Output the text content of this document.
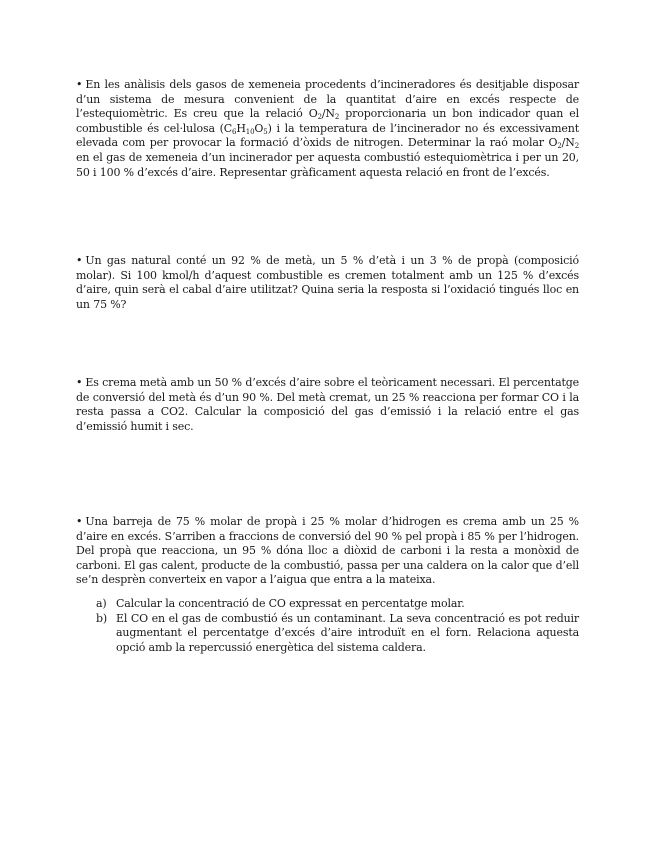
• En les anàlisis dels gasos de xemeneia procedents d’incineradores és desitjable disposar d’un sistema de mesura convenient de la quantitat d’aire en excés respecte de l’estequiomètric. Es creu que la relació $O_2/N_2$ proporcionaria un bon indicador quan el combustible és cel·lulosa $(C_6H_{10}O_5)$ i la temperatura de l’incinerador no és excessivament elevada com per provocar la formació d’òxids de nitrogen. Determinar la raó molar $O_2/N_2$ en el gas de xemeneia d’un incinerador per aquesta combustió estequiomètrica i per un 20, 50 i 100 % d’excés d’aire. Representar gràficament aquesta relació en front de l’excés.
• Un gas natural conté un 92 % de metà, un 5 % d’età i un 3 % de propà (composició molar). Si 100 kmol/h d’aquest combustible es cremen totalment amb un 125 % d’excés d’aire, quin serà el cabal d’aire utilitzat? Quina seria la resposta si l’oxidació tingués lloc en un 75 %?
• Es crema metà amb un 50 % d’excés d’aire sobre el teòricament necessari. El percentatge de conversió del metà és d’un 90 %. Del metà cremat, un 25 % reacciona per formar CO i la resta passa a CO2. Calcular la composició del gas d’emissió i la relació entre el gas d’emissió humit i sec.
• Una barreja de 75 % molar de propà i 25 % molar d’hidrogen es crema amb un 25 % d’aire en excés. S’arriben a fraccions de conversió del 90 % pel propà i 85 % per l’hidrogen. Del propà que reacciona, un 95 % dóna lloc a diòxid de carboni i la resta a monòxid de carboni. El gas calent, producte de la combustió, passa per una caldera on la calor que d’ell se’n desprèn converteix en vapor a l’aigua que entra a la mateixa.
a) Calcular la concentració de CO expressat en percentatge molar.
b) El CO en el gas de combustió és un contaminant. La seva concentració es pot reduir augmentant el percentatge d’excés d’aire introduït en el forn. Relaciona aquesta opció amb la repercussió energètica del sistema caldera.
